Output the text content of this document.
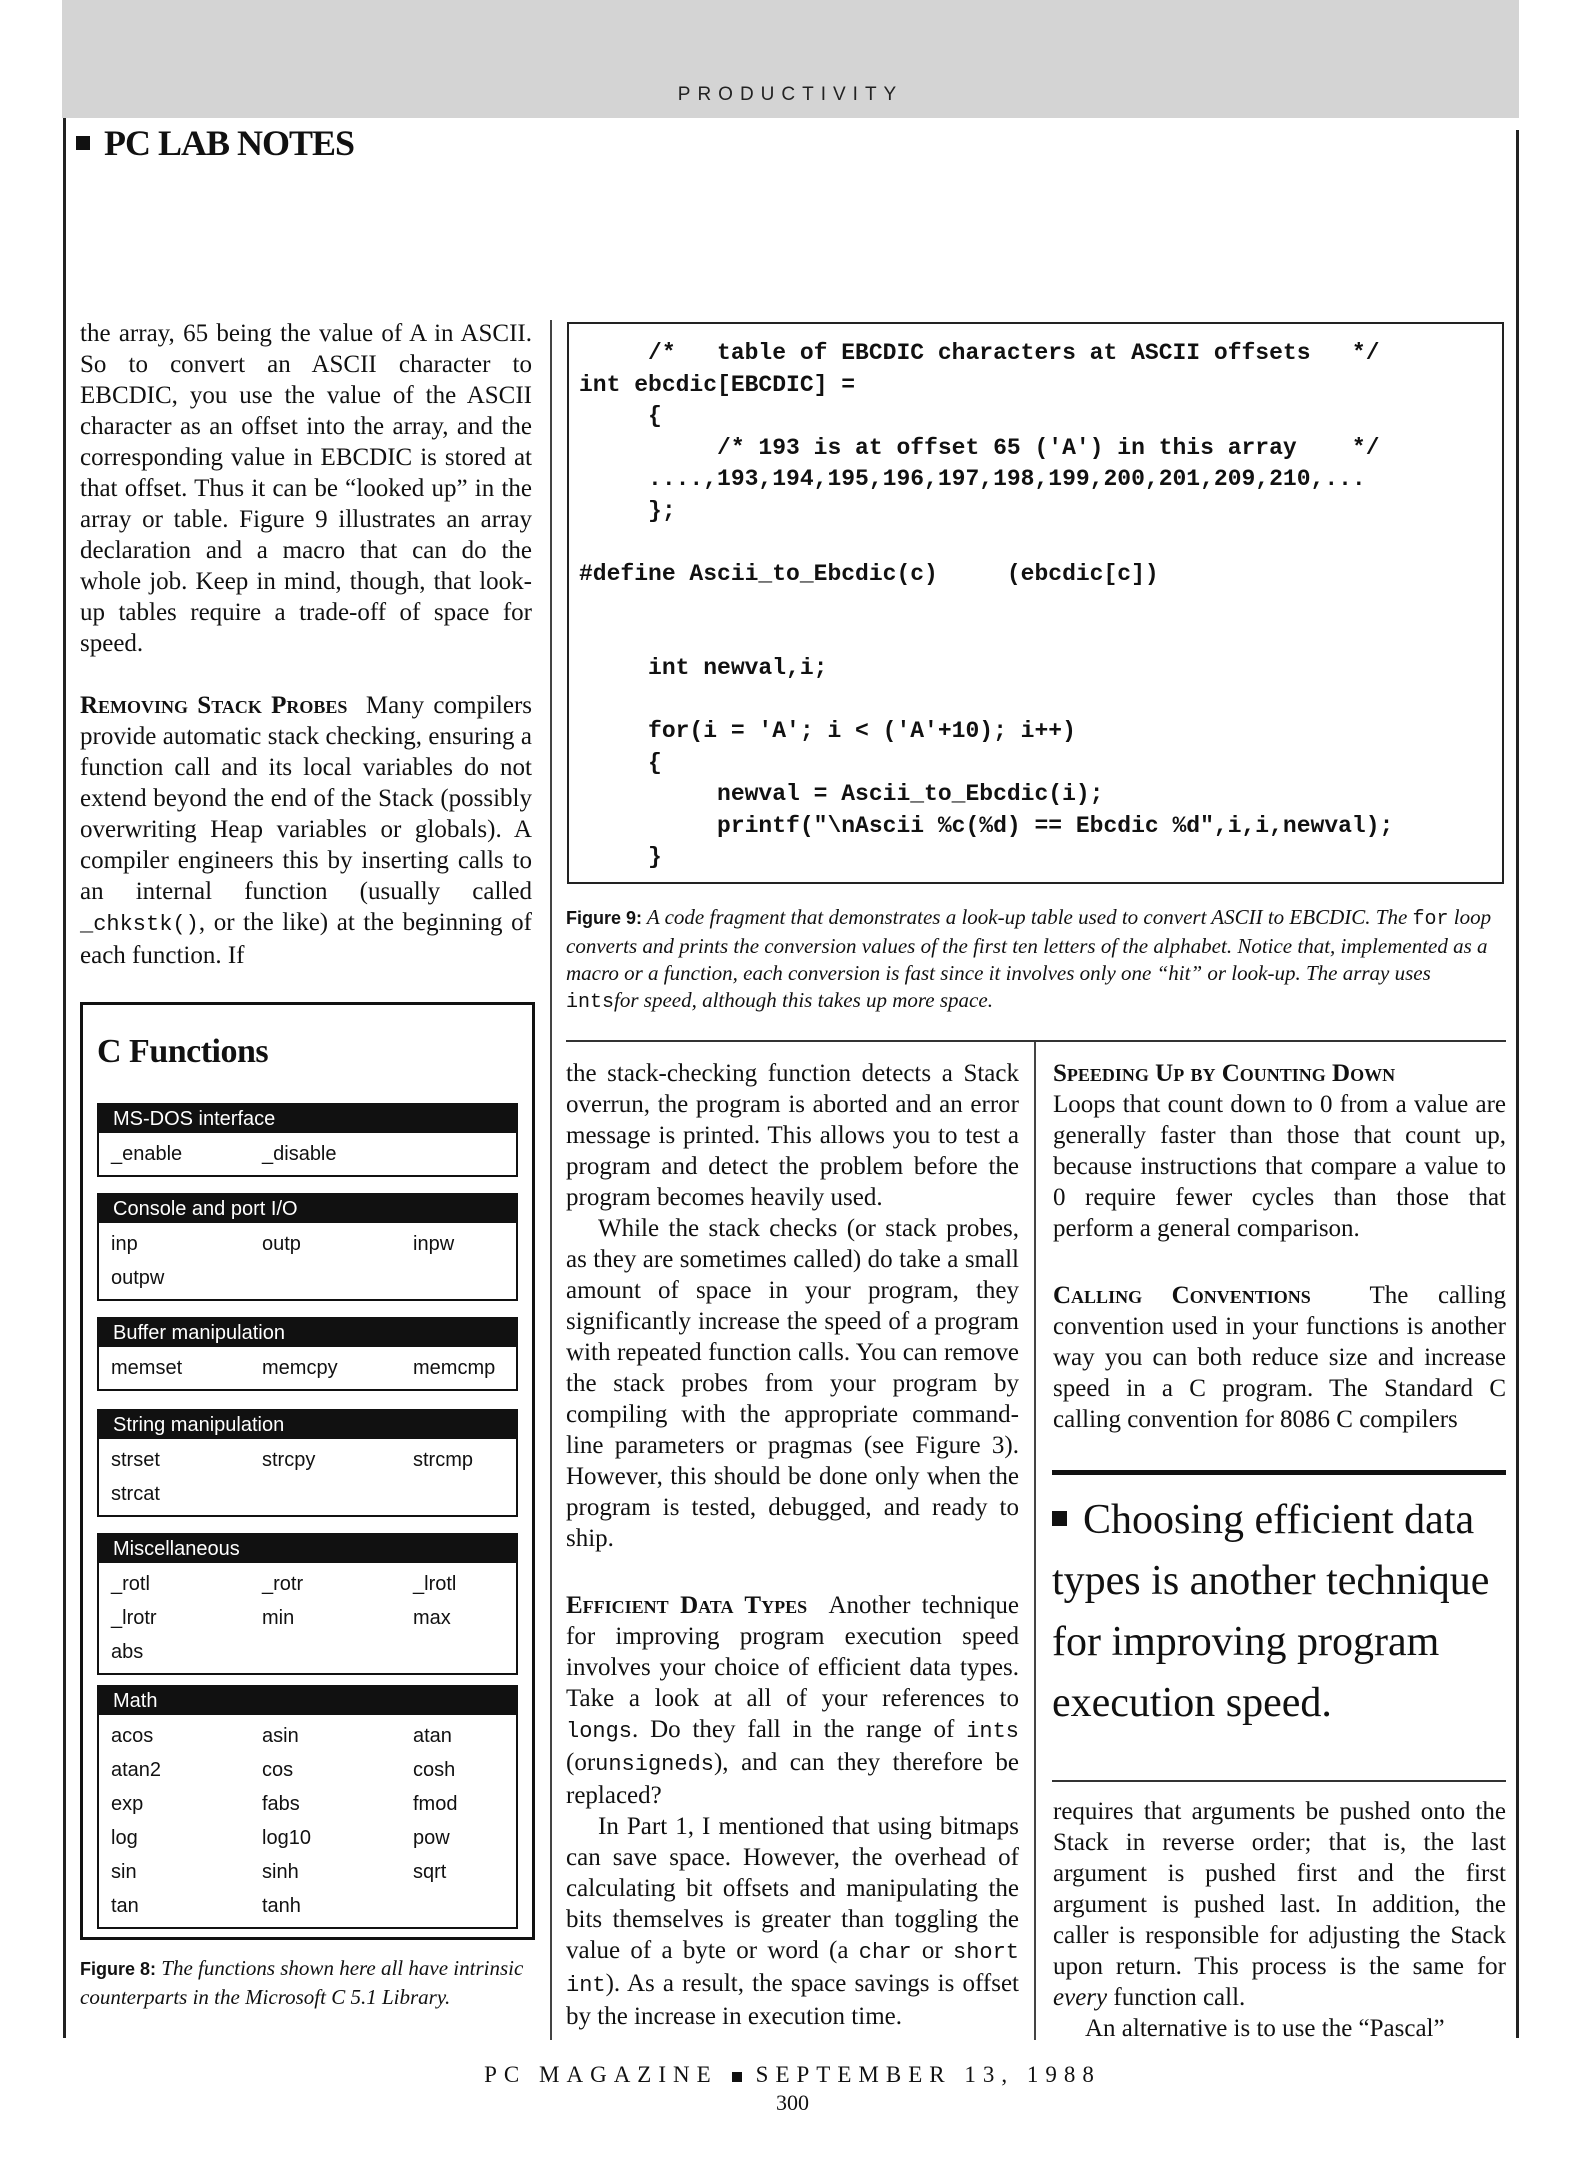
PRODUCTIVITY
PC LAB NOTES

the array, 65 being the value of A in ASCII. So to convert an ASCII character to EBCDIC, you use the value of the ASCII character as an offset into the array, and the corresponding value in EBCDIC is stored at that offset. Thus it can be “looked up” in the array or table. Figure 9 illustrates an array declaration and a macro that can do the whole job. Keep in mind, though, that look-up tables require a trade-off of space for speed.

Removing Stack Probes Many compilers provide automatic stack checking, ensuring a function call and its local variables do not extend beyond the end of the Stack (possibly overwriting Heap variables or globals). A compiler engineers this by inserting calls to an internal function (usually called _chkstk(), or the like) at the beginning of each function. If

/*   table of EBCDIC characters at ASCII offsets   */
int ebcdic[EBCDIC] =
{
/* 193 is at offset 65 ('A') in this array    */
....,193,194,195,196,197,198,199,200,201,209,210,...
};

#define Ascii_to_Ebcdic(c)     (ebcdic[c])

int newval,i;

for(i = 'A'; i < ('A'+10); i++)
{
newval = Ascii_to_Ebcdic(i);
printf("\nAscii %c(%d) == Ebcdic %d",i,i,newval);
}
Figure 9: A code fragment that demonstrates a look-up table used to convert ASCII to EBCDIC. The for loop converts and prints the conversion values of the first ten letters of the alphabet. Notice that, implemented as a macro or a function, each conversion is fast since it involves only one “hit” or look-up. The array uses intsfor speed, although this takes up more space.
C Functions
MS-DOS interface
_enable	_disable
Console and port I/O
inp	outp	inpw
outpw
Buffer manipulation
memset	memcpy	memcmp
String manipulation
strset	strcpy	strcmp
strcat
Miscellaneous
_rotl	_rotr	_lrotl
_lrotr	min	max
abs
Math
acos	asin	atan
atan2	cos	cosh
exp	fabs	fmod
log	log10	pow
sin	sinh	sqrt
tan	tanh
Figure 8: The functions shown here all have intrinsic counterparts in the Microsoft C 5.1 Library.

the stack-checking function detects a Stack overrun, the program is aborted and an error message is printed. This allows you to test a program and detect the problem before the program becomes heavily used.

While the stack checks (or stack probes, as they are sometimes called) do take a small amount of space in your program, they significantly increase the speed of a program with repeated function calls. You can remove the stack probes from your program by compiling with the appropriate command-line parameters or pragmas (see Figure 3). However, this should be done only when the program is tested, debugged, and ready to ship.

Efficient Data Types Another technique for improving program execution speed involves your choice of efficient data types. Take a look at all of your references to longs. Do they fall in the range of ints (orunsigneds), and can they therefore be replaced?

In Part 1, I mentioned that using bitmaps can save space. However, the overhead of calculating bit offsets and manipulating the bits themselves is greater than toggling the value of a byte or word (a char or short int). As a result, the space savings is offset by the increase in execution time.

Speeding Up by Counting Down
Loops that count down to 0 from a value are generally faster than those that count up, because instructions that compare a value to 0 require fewer cycles than those that perform a general comparison.

Calling Conventions The calling convention used in your functions is another way you can both reduce size and increase speed in a C program. The Standard C calling convention for 8086 C compilers

Choosing efficient data types is another technique for improving program execution speed.

requires that arguments be pushed onto the Stack in reverse order; that is, the last argument is pushed first and the first argument is pushed last. In addition, the caller is responsible for adjusting the Stack upon return. This process is the same for every function call.

An alternative is to use the “Pascal”

PC MAGAZINE SEPTEMBER 13, 1988
300
